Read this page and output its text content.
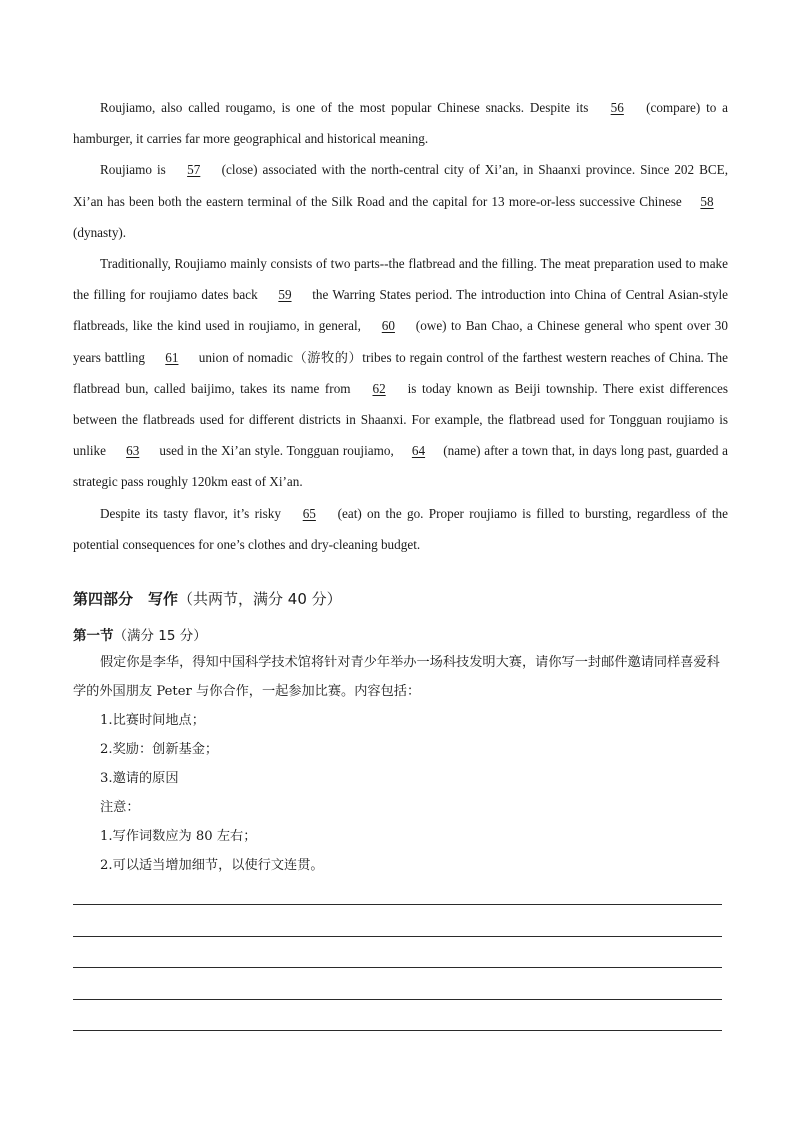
Roujiamo, also called rougamo, is one of the most popular Chinese snacks. Despite its 56 (compare) to a hamburger, it carries far more geographical and historical meaning.

Roujiamo is 57 (close) associated with the north-central city of Xi’an, in Shaanxi province. Since 202 BCE, Xi’an has been both the eastern terminal of the Silk Road and the capital for 13 more-or-less successive Chinese 58 (dynasty).

Traditionally, Roujiamo mainly consists of two parts--the flatbread and the filling. The meat preparation used to make the filling for roujiamo dates back 59 the Warring States period. The introduction into China of Central Asian-style flatbreads, like the kind used in roujiamo, in general, 60 (owe) to Ban Chao, a Chinese general who spent over 30 years battling 61 union of nomadic（游牧的）tribes to regain control of the farthest western reaches of China. The flatbread bun, called baijimo, takes its name from 62 is today known as Beiji township. There exist differences between the flatbreads used for different districts in Shaanxi. For example, the flatbread used for Tongguan roujiamo is unlike 63 used in the Xi’an style. Tongguan roujiamo, 64 (name) after a town that, in days long past, guarded a strategic pass roughly 120km east of Xi’an.

Despite its tasty flavor, it’s risky 65 (eat) on the go. Proper roujiamo is filled to bursting, regardless of the potential consequences for one’s clothes and dry-cleaning budget.

第四部分　写作（共两节，满分 40 分）
第一节（满分 15 分）

假定你是李华，得知中国科学技术馆将针对青少年举办一场科技发明大赛，请你写一封邮件邀请同样喜爱科学的外国朋友 Peter 与你合作，一起参加比赛。内容包括：

1.比赛时间地点；

2.奖励：创新基金；

3.邀请的原因

注意：

1.写作词数应为 80 左右；

2.可以适当增加细节，以使行文连贯。
